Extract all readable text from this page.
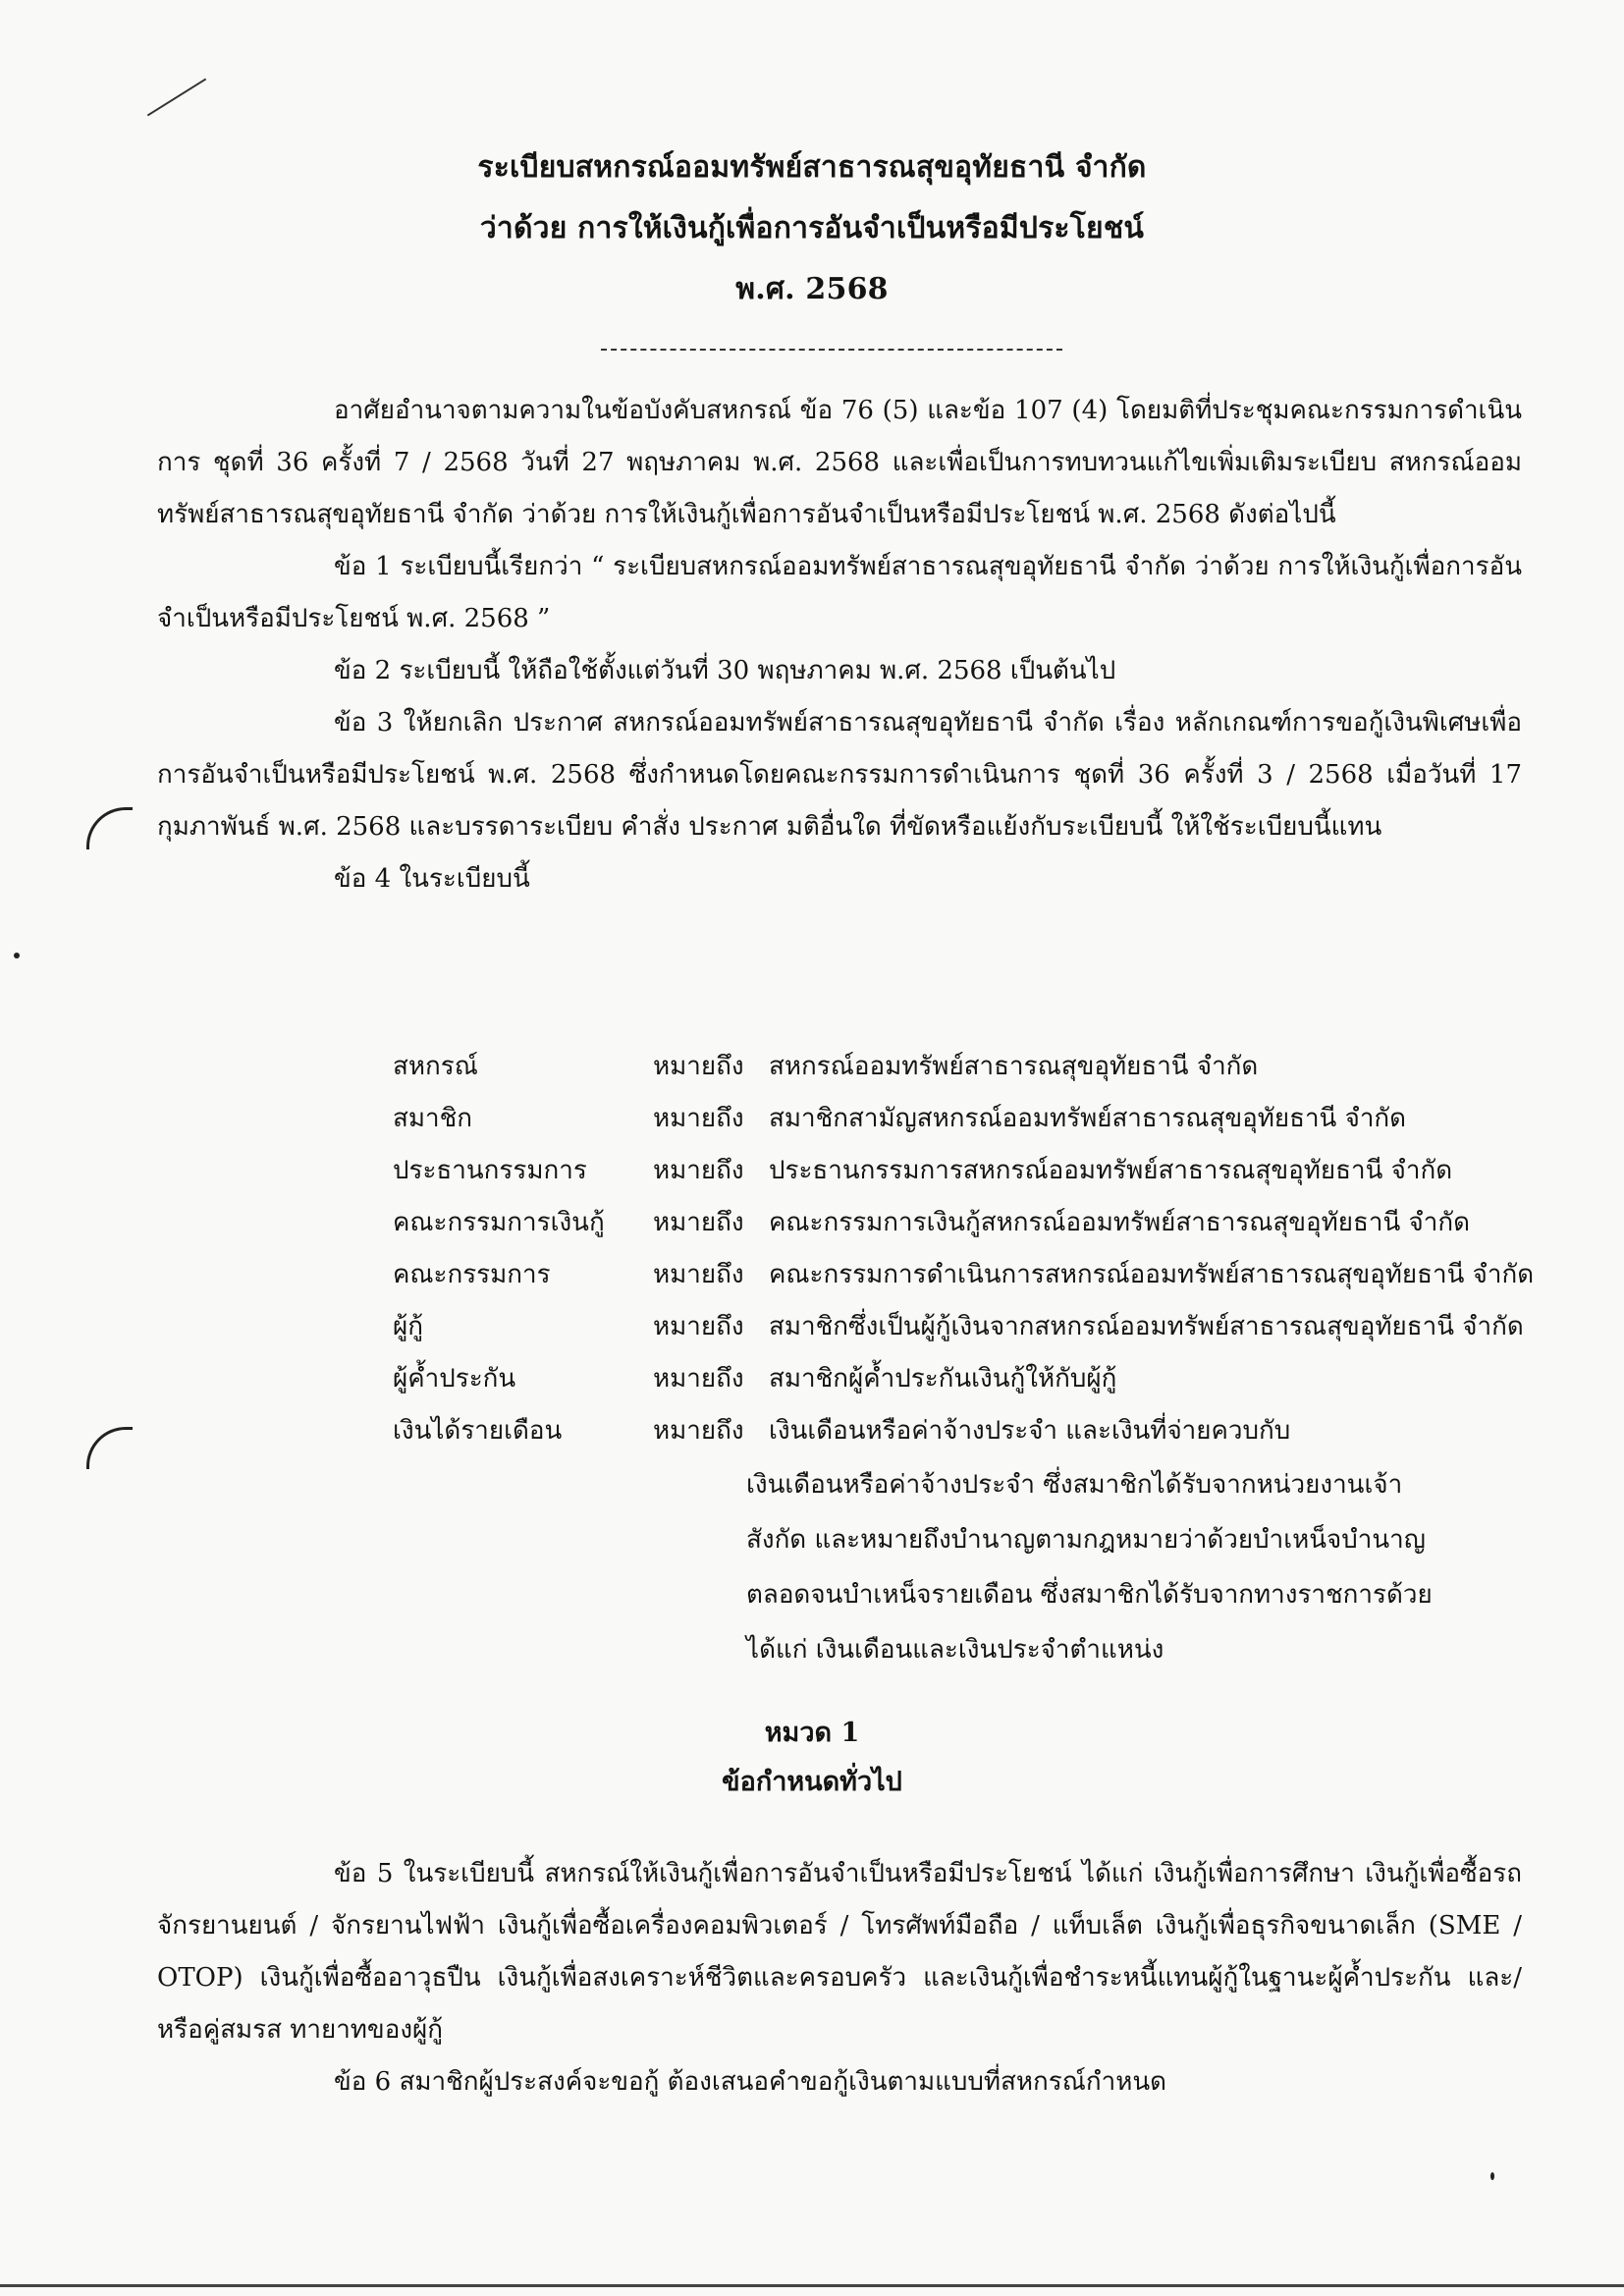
ระเบียบสหกรณ์ออมทรัพย์สาธารณสุขอุทัยธานี จำกัด
ว่าด้วย การให้เงินกู้เพื่อการอันจำเป็นหรือมีประโยชน์
พ.ศ. 2568

อาศัยอำนาจตามความในข้อบังคับสหกรณ์ ข้อ 76 (5) และข้อ 107 (4) โดยมติที่ประชุมคณะกรรมการดำเนินการ ชุดที่ 36 ครั้งที่ 7 / 2568 วันที่ 27 พฤษภาคม พ.ศ. 2568 และเพื่อเป็นการทบทวนแก้ไขเพิ่มเติมระเบียบ สหกรณ์ออมทรัพย์สาธารณสุขอุทัยธานี จำกัด ว่าด้วย การให้เงินกู้เพื่อการอันจำเป็นหรือมีประโยชน์ พ.ศ. 2568 ดังต่อไปนี้

ข้อ 1 ระเบียบนี้เรียกว่า “ ระเบียบสหกรณ์ออมทรัพย์สาธารณสุขอุทัยธานี จำกัด ว่าด้วย การให้เงินกู้เพื่อการอันจำเป็นหรือมีประโยชน์ พ.ศ. 2568 ”

ข้อ 2 ระเบียบนี้ ให้ถือใช้ตั้งแต่วันที่ 30 พฤษภาคม พ.ศ. 2568 เป็นต้นไป

ข้อ 3 ให้ยกเลิก ประกาศ สหกรณ์ออมทรัพย์สาธารณสุขอุทัยธานี จำกัด เรื่อง หลักเกณฑ์การขอกู้เงินพิเศษเพื่อการอันจำเป็นหรือมีประโยชน์ พ.ศ. 2568 ซึ่งกำหนดโดยคณะกรรมการดำเนินการ ชุดที่ 36 ครั้งที่ 3 / 2568 เมื่อวันที่ 17 กุมภาพันธ์ พ.ศ. 2568 และบรรดาระเบียบ คำสั่ง ประกาศ มติอื่นใด ที่ขัดหรือแย้งกับระเบียบนี้ ให้ใช้ระเบียบนี้แทน

ข้อ 4 ในระเบียบนี้

สหกรณ์	หมายถึง สหกรณ์ออมทรัพย์สาธารณสุขอุทัยธานี จำกัด
สมาชิก	หมายถึง สมาชิกสามัญสหกรณ์ออมทรัพย์สาธารณสุขอุทัยธานี จำกัด
ประธานกรรมการ	หมายถึง ประธานกรรมการสหกรณ์ออมทรัพย์สาธารณสุขอุทัยธานี จำกัด
คณะกรรมการเงินกู้	หมายถึง คณะกรรมการเงินกู้สหกรณ์ออมทรัพย์สาธารณสุขอุทัยธานี จำกัด
คณะกรรมการ	หมายถึง คณะกรรมการดำเนินการสหกรณ์ออมทรัพย์สาธารณสุขอุทัยธานี จำกัด
ผู้กู้	หมายถึง สมาชิกซึ่งเป็นผู้กู้เงินจากสหกรณ์ออมทรัพย์สาธารณสุขอุทัยธานี จำกัด
ผู้ค้ำประกัน	หมายถึง สมาชิกผู้ค้ำประกันเงินกู้ให้กับผู้กู้
เงินได้รายเดือน	หมายถึง เงินเดือนหรือค่าจ้างประจำ และเงินที่จ่ายควบกับ
เงินเดือนหรือค่าจ้างประจำ ซึ่งสมาชิกได้รับจากหน่วยงานเจ้า
สังกัด และหมายถึงบำนาญตามกฎหมายว่าด้วยบำเหน็จบำนาญ
ตลอดจนบำเหน็จรายเดือน ซึ่งสมาชิกได้รับจากทางราชการด้วย
ได้แก่ เงินเดือนและเงินประจำตำแหน่ง
หมวด 1
ข้อกำหนดทั่วไป

ข้อ 5 ในระเบียบนี้ สหกรณ์ให้เงินกู้เพื่อการอันจำเป็นหรือมีประโยชน์ ได้แก่ เงินกู้เพื่อการศึกษา เงินกู้เพื่อซื้อรถจักรยานยนต์ / จักรยานไฟฟ้า เงินกู้เพื่อซื้อเครื่องคอมพิวเตอร์ / โทรศัพท์มือถือ / แท็บเล็ต เงินกู้เพื่อธุรกิจขนาดเล็ก (SME / OTOP) เงินกู้เพื่อซื้ออาวุธปืน เงินกู้เพื่อสงเคราะห์ชีวิตและครอบครัว และเงินกู้เพื่อชำระหนี้แทนผู้กู้ในฐานะผู้ค้ำประกัน และ/หรือคู่สมรส ทายาทของผู้กู้

ข้อ 6 สมาชิกผู้ประสงค์จะขอกู้ ต้องเสนอคำขอกู้เงินตามแบบที่สหกรณ์กำหนด
